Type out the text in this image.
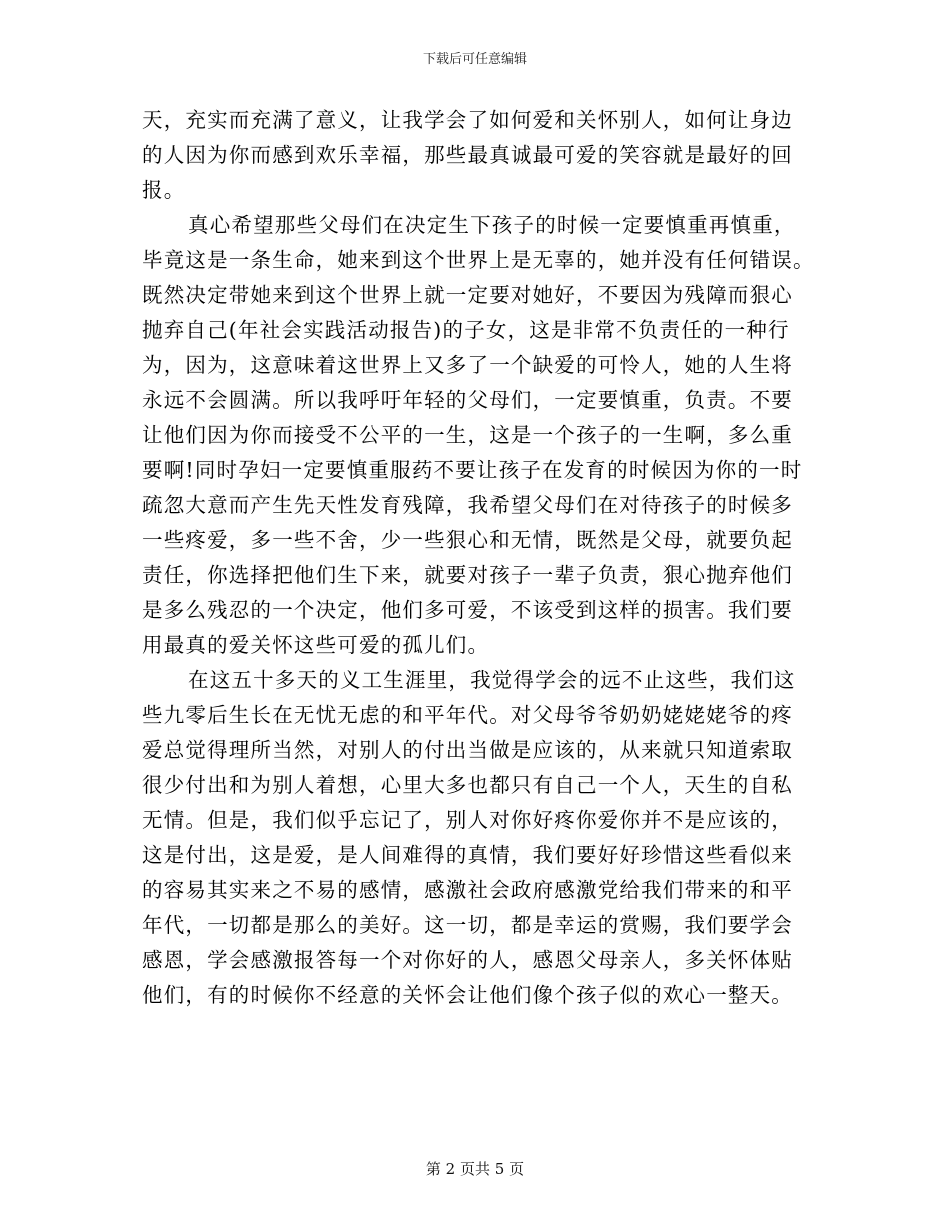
下载后可任意编辑
天，充实而充满了意义，让我学会了如何爱和关怀别人，如何让身边
的人因为你而感到欢乐幸福，那些最真诚最可爱的笑容就是最好的回
报。
真心希望那些父母们在决定生下孩子的时候一定要慎重再慎重，
毕竟这是一条生命，她来到这个世界上是无辜的，她并没有任何错误。
既然决定带她来到这个世界上就一定要对她好，不要因为残障而狠心
抛弃自己(年社会实践活动报告)的子女，这是非常不负责任的一种行
为，因为，这意味着这世界上又多了一个缺爱的可怜人，她的人生将
永远不会圆满。所以我呼吁年轻的父母们，一定要慎重，负责。不要
让他们因为你而接受不公平的一生，这是一个孩子的一生啊，多么重
要啊!同时孕妇一定要慎重服药不要让孩子在发育的时候因为你的一时
疏忽大意而产生先天性发育残障，我希望父母们在对待孩子的时候多
一些疼爱，多一些不舍，少一些狠心和无情，既然是父母，就要负起
责任，你选择把他们生下来，就要对孩子一辈子负责，狠心抛弃他们
是多么残忍的一个决定，他们多可爱，不该受到这样的损害。我们要
用最真的爱关怀这些可爱的孤儿们。
在这五十多天的义工生涯里，我觉得学会的远不止这些，我们这
些九零后生长在无忧无虑的和平年代。对父母爷爷奶奶姥姥姥爷的疼
爱总觉得理所当然，对别人的付出当做是应该的，从来就只知道索取
很少付出和为别人着想，心里大多也都只有自己一个人，天生的自私
无情。但是，我们似乎忘记了，别人对你好疼你爱你并不是应该的，
这是付出，这是爱，是人间难得的真情，我们要好好珍惜这些看似来
的容易其实来之不易的感情，感激社会政府感激党给我们带来的和平
年代，一切都是那么的美好。这一切，都是幸运的赏赐，我们要学会
感恩，学会感激报答每一个对你好的人，感恩父母亲人，多关怀体贴
他们，有的时候你不经意的关怀会让他们像个孩子似的欢心一整天。
第 2 页共 5 页
